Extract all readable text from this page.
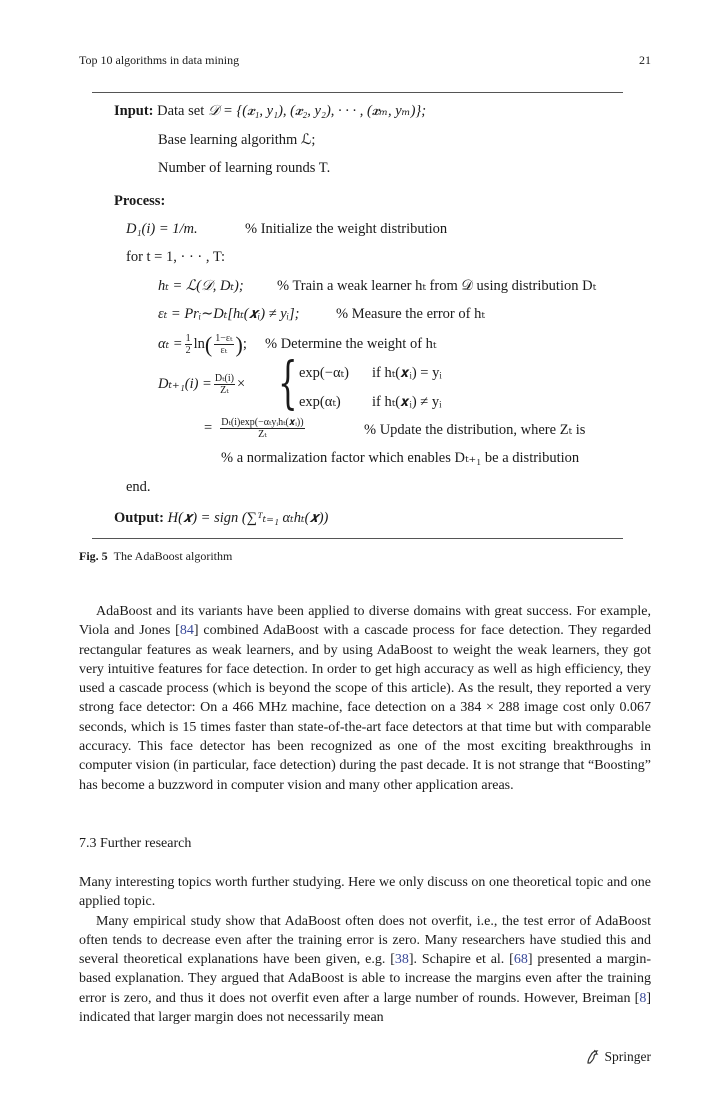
Top 10 algorithms in data mining	21
Input: Data set 𝒟 = {(𝒙₁, y₁), (𝒙₂, y₂), · · · , (𝒙ₘ, yₘ)};
Base learning algorithm ℒ;
Number of learning rounds T.
Process:
D₁(i) = 1/m.	% Initialize the weight distribution
for t = 1, · · · , T:
hₜ = ℒ(𝒟, Dₜ); % Train a weak learner hₜ from 𝒟 using distribution Dₜ
εₜ = Prᵢ∼Dₜ[hₜ(𝒙ᵢ) ≠ yᵢ];	% Measure the error of hₜ
$\alpha_t = \frac{1}{2}$ ln ( $\frac{\text{1−εₜ}}{\text{εₜ}}$ ) ; % Determine the weight of hₜ
$D_{t+1}(i) = \frac{\text{Dₜ(i)}}{\text{Zₜ}}$ × { exp(−αₜ) if hₜ(𝒙ᵢ) = yᵢ
exp(αₜ) if hₜ(𝒙ᵢ) ≠ yᵢ
= $\frac{\text{Dₜ(i)exp(−αₜyᵢhₜ(𝒙ᵢ))}}{\text{Zₜ}}$	% Update the distribution, where Zₜ is
% a normalization factor which enables Dₜ₊₁ be a distribution
end.
Output: H(𝒙) = sign (∑ᵀₜ₌₁ αₜhₜ(𝒙))
Fig. 5 The AdaBoost algorithm

AdaBoost and its variants have been applied to diverse domains with great success. For example, Viola and Jones [84] combined AdaBoost with a cascade process for face detection. They regarded rectangular features as weak learners, and by using AdaBoost to weight the weak learners, they got very intuitive features for face detection. In order to get high accuracy as well as high efficiency, they used a cascade process (which is beyond the scope of this article). As the result, they reported a very strong face detector: On a 466 MHz machine, face detection on a 384 × 288 image cost only 0.067 seconds, which is 15 times faster than state-of-the-art face detectors at that time but with comparable accuracy. This face detector has been recognized as one of the most exciting breakthroughs in computer vision (in particular, face detection) during the past decade. It is not strange that “Boosting” has become a buzzword in computer vision and many other application areas.

7.3 Further research

Many interesting topics worth further studying. Here we only discuss on one theoretical topic and one applied topic.

Many empirical study show that AdaBoost often does not overfit, i.e., the test error of AdaBoost often tends to decrease even after the training error is zero. Many researchers have studied this and several theoretical explanations have been given, e.g. [38]. Schapire et al. [68] presented a margin-based explanation. They argued that AdaBoost is able to increase the margins even after the training error is zero, and thus it does not overfit even after a large number of rounds. However, Breiman [8] indicated that larger margin does not necessarily mean

Springer
